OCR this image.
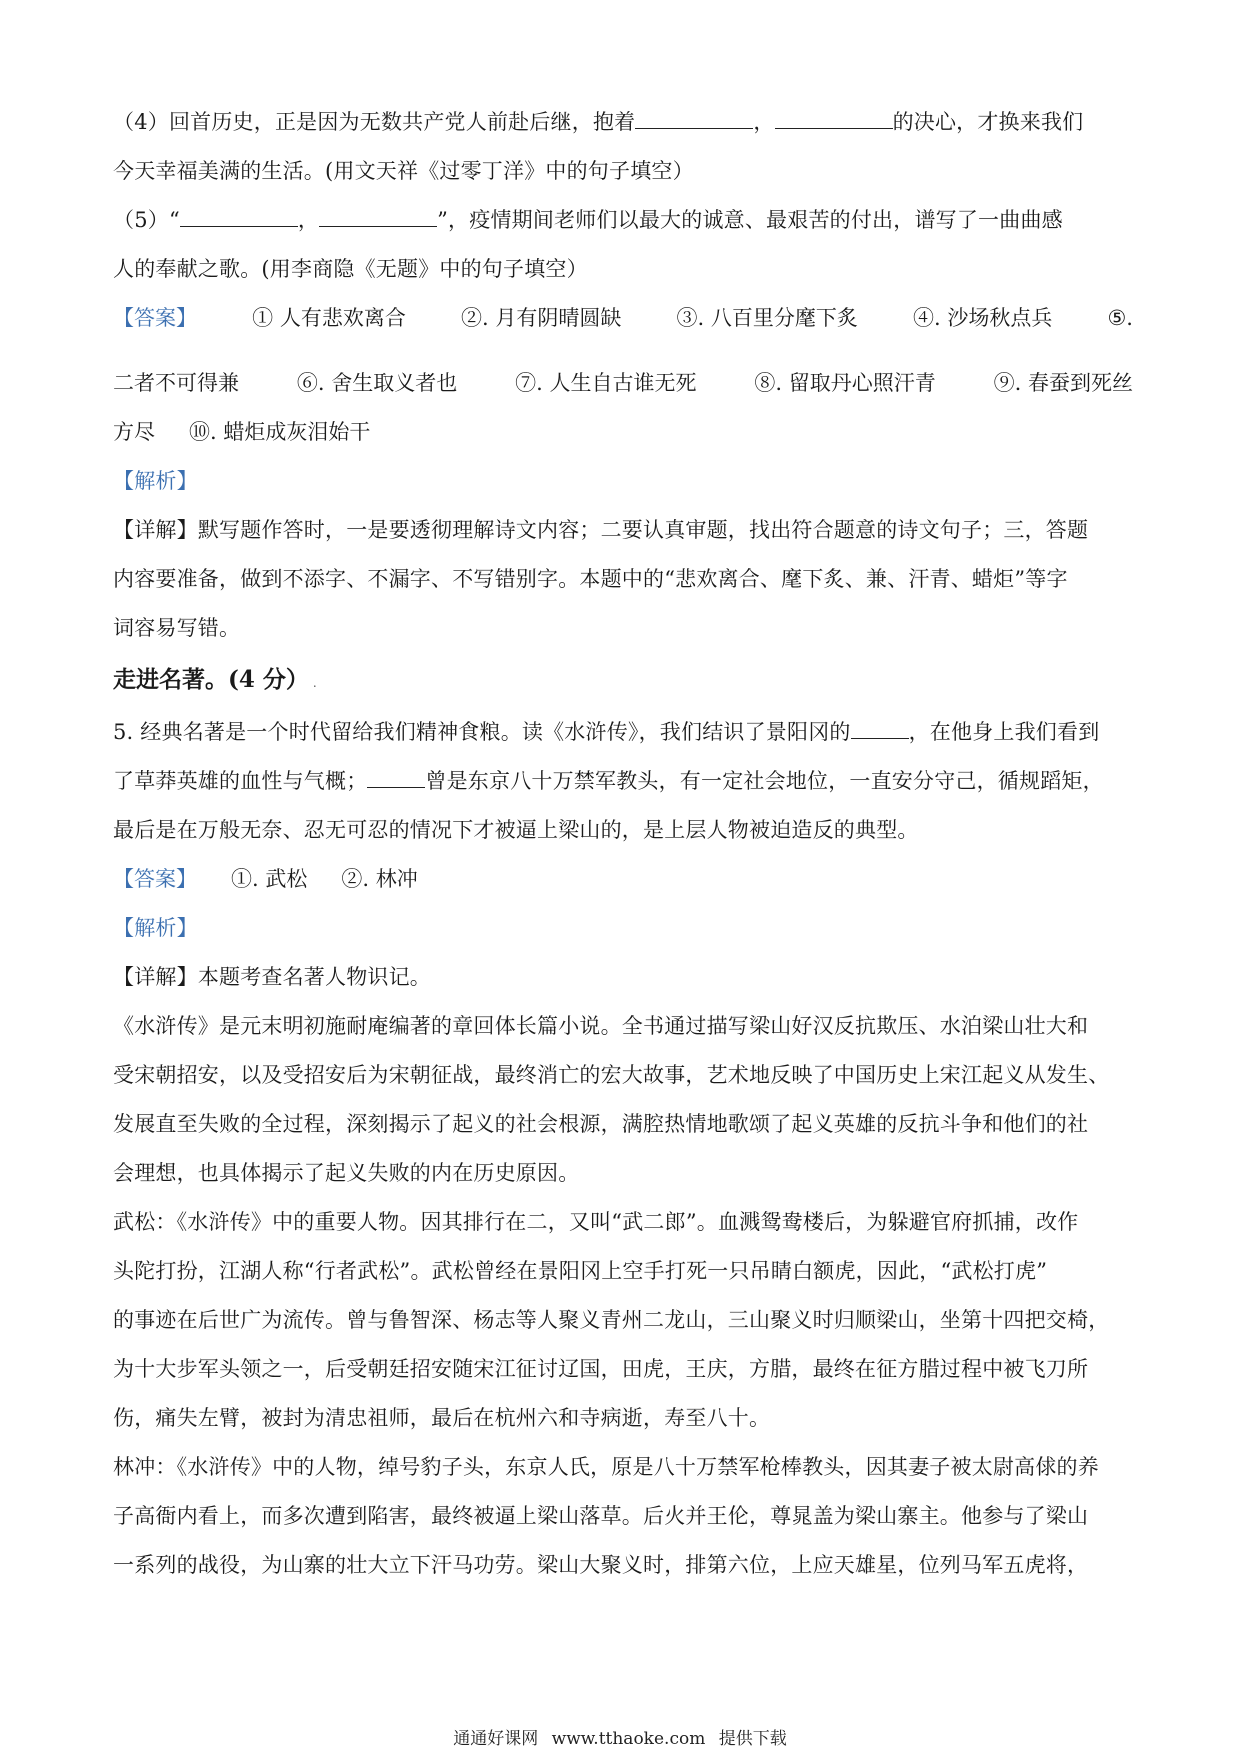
（4）回首历史，正是因为无数共产党人前赴后继，抱着	，	的决心，才换来我们

今天幸福美满的生活。(用文天祥《过零丁洋》中的句子填空）

（5）“	，	”，疫情期间老师们以最大的诚意、最艰苦的付出，谱写了一曲曲感

人的奉献之歌。(用李商隐《无题》中的句子填空）

【答案】	① 人有悲欢离合	②. 月有阴晴圆缺	③. 八百里分麾下炙	④. 沙场秋点兵	⑤.
二者不可得兼	⑥. 舍生取义者也	⑦. 人生自古谁无死	⑧. 留取丹心照汗青	⑨. 春蚕到死丝
方尽 ⑩. 蜡炬成灰泪始干

【解析】

【详解】默写题作答时，一是要透彻理解诗文内容；二要认真审题，找出符合题意的诗文句子；三，答题

内容要准备，做到不添字、不漏字、不写错别字。本题中的“悲欢离合、麾下炙、兼、汗青、蜡炬”等字

词容易写错。

走进名著。(4 分） .

5. 经典名著是一个时代留给我们精神食粮。读《水浒传》，我们结识了景阳冈的	，在他身上我们看到

了草莽英雄的血性与气概；	曾是东京八十万禁军教头，有一定社会地位，一直安分守己，循规蹈矩，

最后是在万般无奈、忍无可忍的情况下才被逼上梁山的，是上层人物被迫造反的典型。

【答案】 ①. 武松 ②. 林冲

【解析】

【详解】本题考查名著人物识记。

《水浒传》是元末明初施耐庵编著的章回体长篇小说。全书通过描写梁山好汉反抗欺压、水泊梁山壮大和

受宋朝招安，以及受招安后为宋朝征战，最终消亡的宏大故事，艺术地反映了中国历史上宋江起义从发生、

发展直至失败的全过程，深刻揭示了起义的社会根源，满腔热情地歌颂了起义英雄的反抗斗争和他们的社

会理想，也具体揭示了起义失败的内在历史原因。

武松：《水浒传》中的重要人物。因其排行在二，又叫“武二郎”。血溅鸳鸯楼后，为躲避官府抓捕，改作

头陀打扮，江湖人称“行者武松”。武松曾经在景阳冈上空手打死一只吊睛白额虎，因此，“武松打虎”

的事迹在后世广为流传。曾与鲁智深、杨志等人聚义青州二龙山，三山聚义时归顺梁山，坐第十四把交椅，

为十大步军头领之一，后受朝廷招安随宋江征讨辽国，田虎，王庆，方腊，最终在征方腊过程中被飞刀所

伤，痛失左臂，被封为清忠祖师，最后在杭州六和寺病逝，寿至八十。

林冲：《水浒传》中的人物，绰号豹子头，东京人氏，原是八十万禁军枪棒教头，因其妻子被太尉高俅的养

子高衙内看上，而多次遭到陷害，最终被逼上梁山落草。后火并王伦，尊晁盖为梁山寨主。他参与了梁山

一系列的战役，为山寨的壮大立下汗马功劳。梁山大聚义时，排第六位，上应天雄星，位列马军五虎将，

通通好课网 www.tthaoke.com 提供下载
